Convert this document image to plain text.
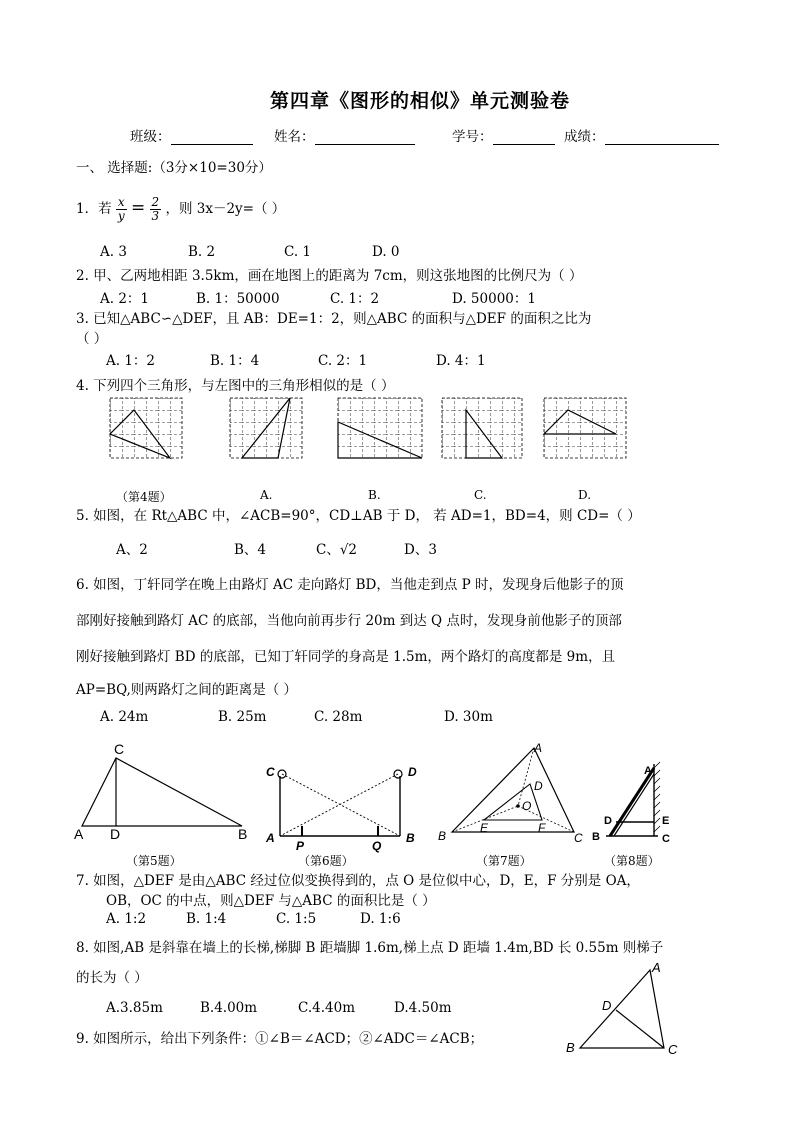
第四章《图形的相似》单元测验卷
班级：	姓名：	学号：	成绩：
一、 选择题:（3分×10=30分）
1．若 $\frac{x}{y} = \frac{2}{3}$ ，则 3x－2y=（ ）
A. 3	B. 2	C. 1	D. 0
2. 甲、乙两地相距 3.5km，画在地图上的距离为 7cm，则这张地图的比例尺为（ ）
A. 2：1	B. 1：50000	C. 1：2	D. 50000：1
3. 已知△ABC∽△DEF，且 AB：DE=1：2，则△ABC 的面积与△DEF 的面积之比为
（ ）
A. 1：2	B. 1：4	C. 2：1	D. 4：1
4. 下列四个三角形，与左图中的三角形相似的是（ ）
（第4题）	A.	B.	C.	D.
5. 如图，在 Rt△ABC 中，∠ACB=90°，CD⊥AB 于 D， 若 AD=1，BD=4，则 CD=（ ）
A、2	B、4	C、√2	D、3
6. 如图，丁轩同学在晚上由路灯 AC 走向路灯 BD，当他走到点 P 时，发现身后他影子的顶
部刚好接触到路灯 AC 的底部，当他向前再步行 20m 到达 Q 点时，发现身前他影子的顶部
刚好接触到路灯 BD 的底部，已知丁轩同学的身高是 1.5m，两个路灯的高度都是 9m，且
AP=BQ,则两路灯之间的距离是（ ）
A. 24m	B. 25m	C. 28m	D. 30m
C
A D	B
C	D
A	B
P	Q
A
D
O
E	F
B	C
A
D	E
B	C
（第5题）	（第6题）	（第7题）	（第8题）
7. 如图，△DEF 是由△ABC 经过位似变换得到的，点 O 是位似中心，D，E，F 分别是 OA，
OB，OC 的中点，则△DEF 与△ABC 的面积比是（ ）
A. 1:2	B. 1:4	C. 1:5	D. 1:6
8. 如图,AB 是斜靠在墙上的长梯,梯脚 B 距墙脚 1.6m,梯上点 D 距墙 1.4m,BD 长 0.55m 则梯子
的长为（ ）
A.3.85m	B.4.00m	C.4.40m	D.4.50m
9. 如图所示，给出下列条件：①∠B＝∠ACD；②∠ADC＝∠ACB；
A
D
B	C
